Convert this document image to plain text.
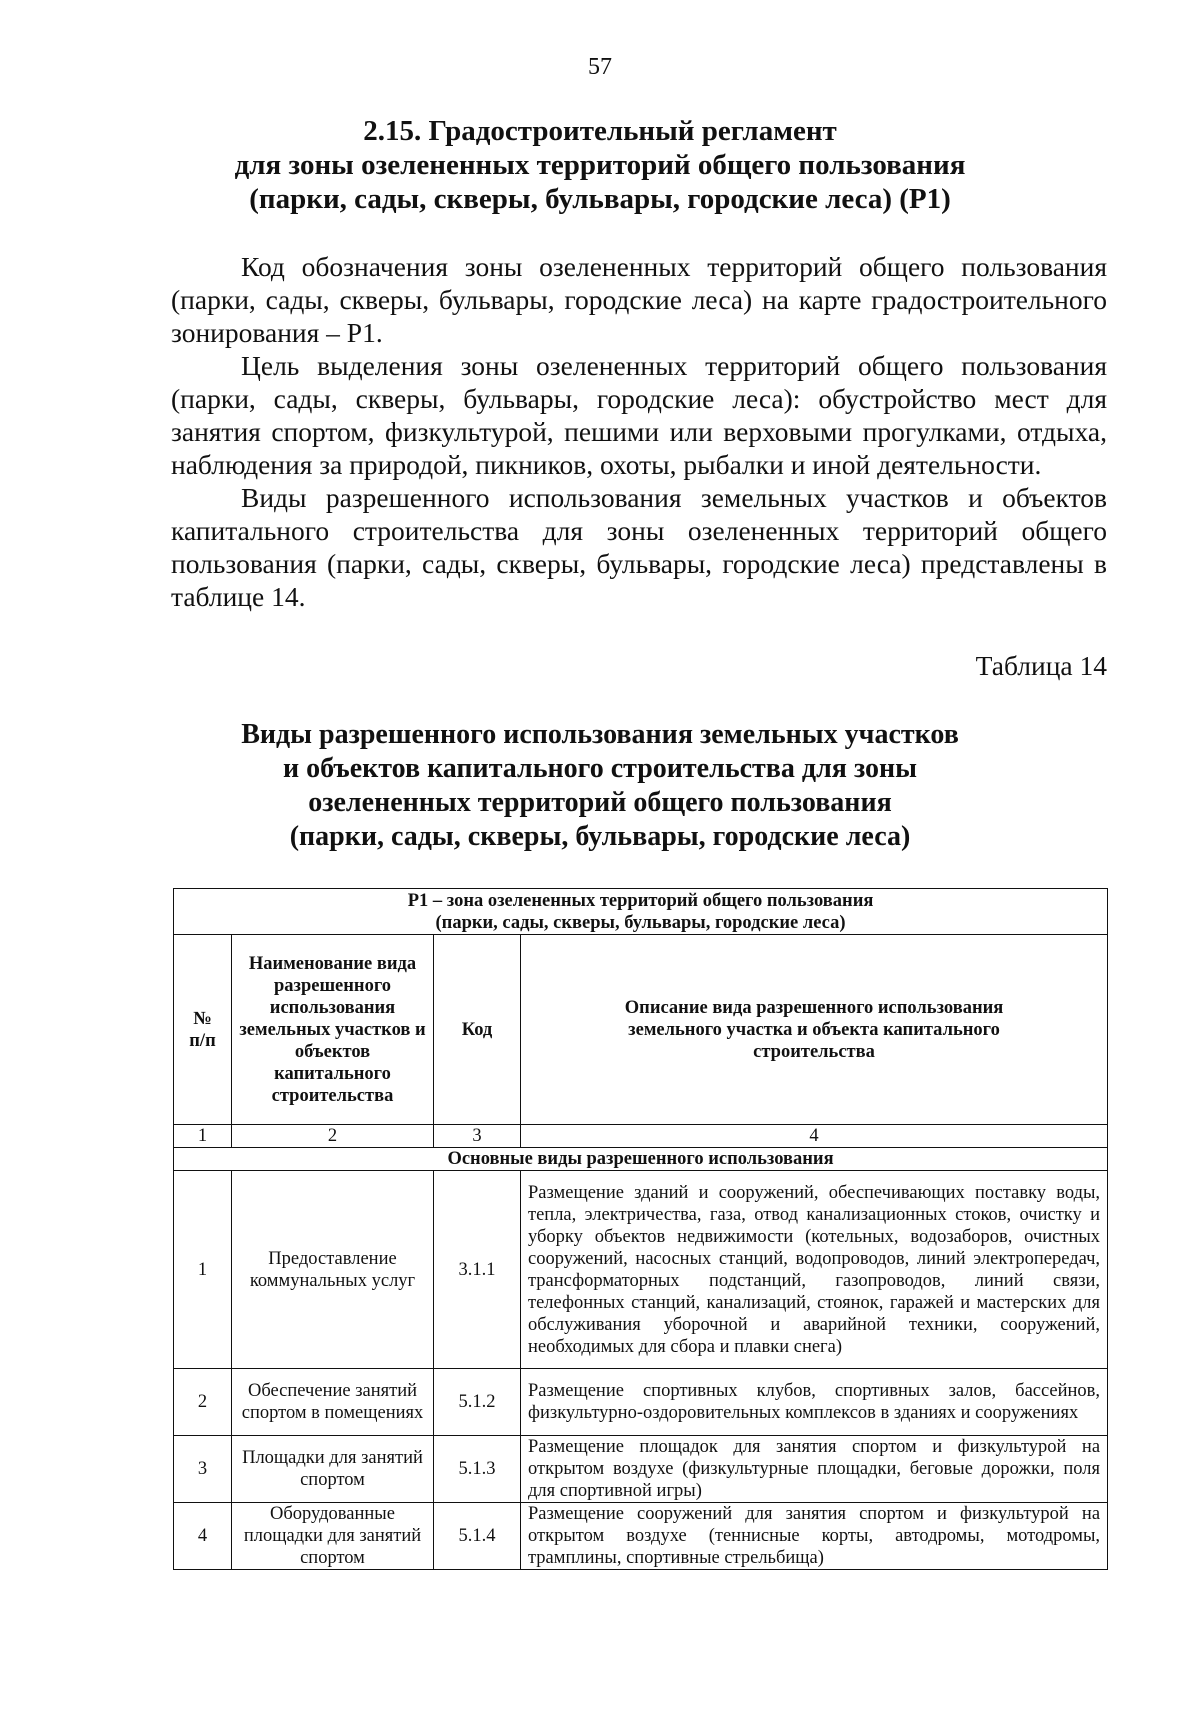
57
2.15. Градостроительный регламент
для зоны озелененных территорий общего пользования
(парки, сады, скверы, бульвары, городские леса) (Р1)

Код обозначения зоны озелененных территорий общего пользования (парки, сады, скверы, бульвары, городские леса) на карте градостроительного зонирования – Р1.

Цель выделения зоны озелененных территорий общего пользования (парки, сады, скверы, бульвары, городские леса): обустройство мест для занятия спортом, физкультурой, пешими или верховыми прогулками, отдыха, наблюдения за природой, пикников, охоты, рыбалки и иной деятельности.

Виды разрешенного использования земельных участков и объектов капитального строительства для зоны озелененных территорий общего пользования (парки, сады, скверы, бульвары, городские леса) представлены в таблице 14.

Таблица 14
Виды разрешенного использования земельных участков
и объектов капитального строительства для зоны
озелененных территорий общего пользования
(парки, сады, скверы, бульвары, городские леса)
Р1 – зона озелененных территорий общего пользования
(парки, сады, скверы, бульвары, городские леса)			

№
п/п	Наименование вида разрешенного использования земельных участков и объектов капитального строительства	Код	Описание вида разрешенного использования земельного участка и объекта капитального строительства
1	2	3	4
Основные виды разрешенного использования			
1	Предоставление коммунальных услуг	3.1.1	Размещение зданий и сооружений, обеспечивающих поставку воды, тепла, электричества, газа, отвод канализационных стоков, очистку и уборку объектов недвижимости (котельных, водозаборов, очистных сооружений, насосных станций, водопроводов, линий электропередач, трансформаторных подстанций, газопроводов, линий связи, телефонных станций, канализаций, стоянок, гаражей и мастерских для обслуживания уборочной и аварийной техники, сооружений, необходимых для сбора и плавки снега)
2	Обеспечение занятий спортом в помещениях	5.1.2	Размещение спортивных клубов, спортивных залов, бассейнов, физкультурно-оздоровительных комплексов в зданиях и сооружениях
3	Площадки для занятий спортом	5.1.3	Размещение площадок для занятия спортом и физкультурой на открытом воздухе (физкультурные площадки, беговые дорожки, поля для спортивной игры)
4	Оборудованные площадки для занятий спортом	5.1.4	Размещение сооружений для занятия спортом и физкультурой на открытом воздухе (теннисные корты, автодромы, мотодромы, трамплины, спортивные стрельбища)
